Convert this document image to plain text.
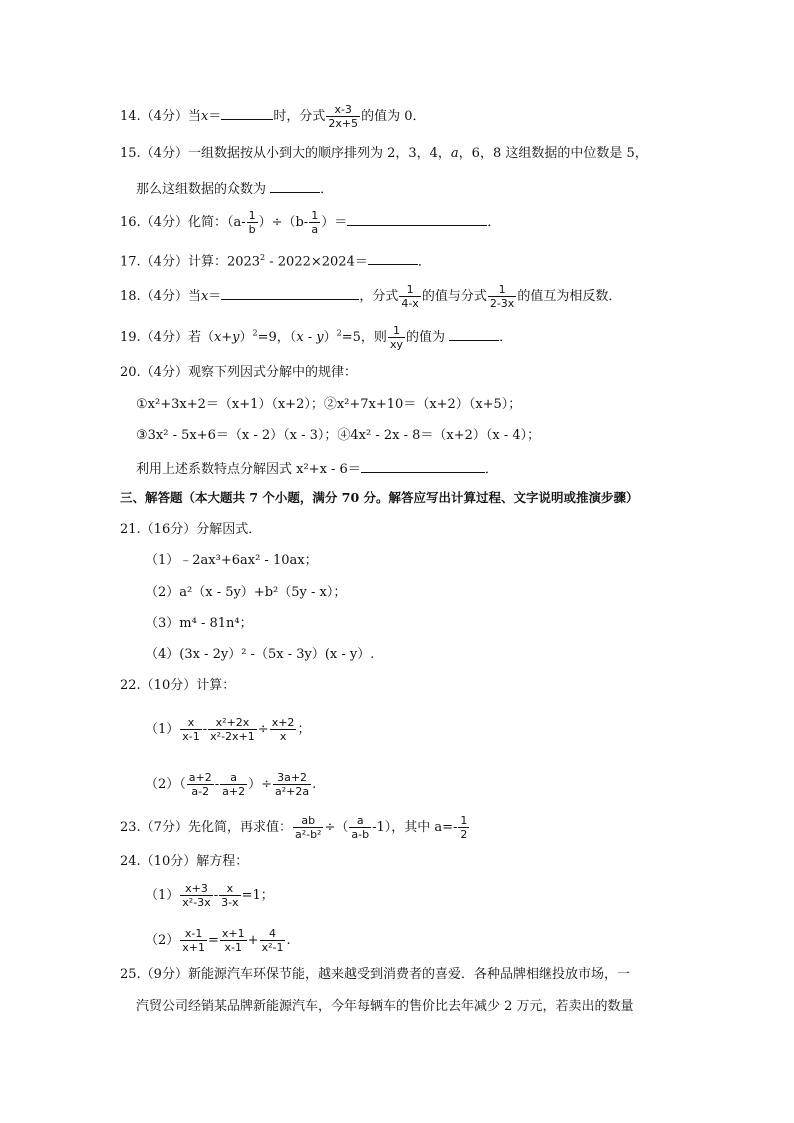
14.（4分）当x＝	时，分式 $\frac{x-3}{2x+5}$ 的值为 0．
15.（4分）一组数据按从小到大的顺序排列为 2，3，4，a，6，8 这组数据的中位数是 5，
那么这组数据的众数为	．
16.（4分）化简：$(a- \frac{1}{b} )\div(b- \frac{1}{a}$ ）＝	．
17.（4分）计算：2023$^2$ - 2022×2024＝	．
18.（4分）当x＝	，分式 $\frac{1}{4-x}$ 的值与分式 $\frac{1}{2-3x}$ 的值互为相反数．
19.（4分）若$(x+y)^2=9$，（x - y）$^2$=5，则 $\frac{1}{xy}$ 的值为	．
20.（4分）观察下列因式分解中的规律：
①x²+3x+2＝（x+1）（x+2）；②x²+7x+10＝（x+2）（x+5）；
③3x² - 5x+6＝（x - 2）（x - 3）；④4x² - 2x - 8＝（x+2）（x - 4）；
利用上述系数特点分解因式 x²+x - 6＝	．
三、解答题（本大题共 7 个小题，满分 70 分。解答应写出计算过程、文字说明或推演步骤）
21.（16分）分解因式．
（1）﹣2ax³+6ax² - 10ax；
（2）a²（x - 5y）+b²（5y - x）；
（3）m⁴ - 81n⁴；
（4）(3x - 2y）² -（5x - 3y）(x - y）.
22.（10分）计算：
$(1) \frac{x}{x-1} - \frac{\text{x²+2x}}{\text{x²-2x+1}} \div \frac{x+2}{x}$ ；
$(2)( \frac{a+2}{a-2} - \frac{a}{a+2}$ ）÷ $\frac{3a+2}{\text{a²+2a}}$ .
23.（7分）先化简，再求值： $\frac{ab}{\text{a²-b²}}$ ÷（ $\frac{a}{a-b} -1$），其中 $a=- \frac{1}{2}$
24.（10分）解方程：
$(1) \frac{x+3}{\text{x²-3x}} - \frac{x}{3-x} =1$；
$(2) \frac{x-1}{x+1} = \frac{x+1}{x-1} + \frac{4}{\text{x²-1}}$ .
25.（9分）新能源汽车环保节能，越来越受到消费者的喜爱．各种品牌相继投放市场，一
汽贸公司经销某品牌新能源汽车，今年每辆车的售价比去年减少 2 万元，若卖出的数量
